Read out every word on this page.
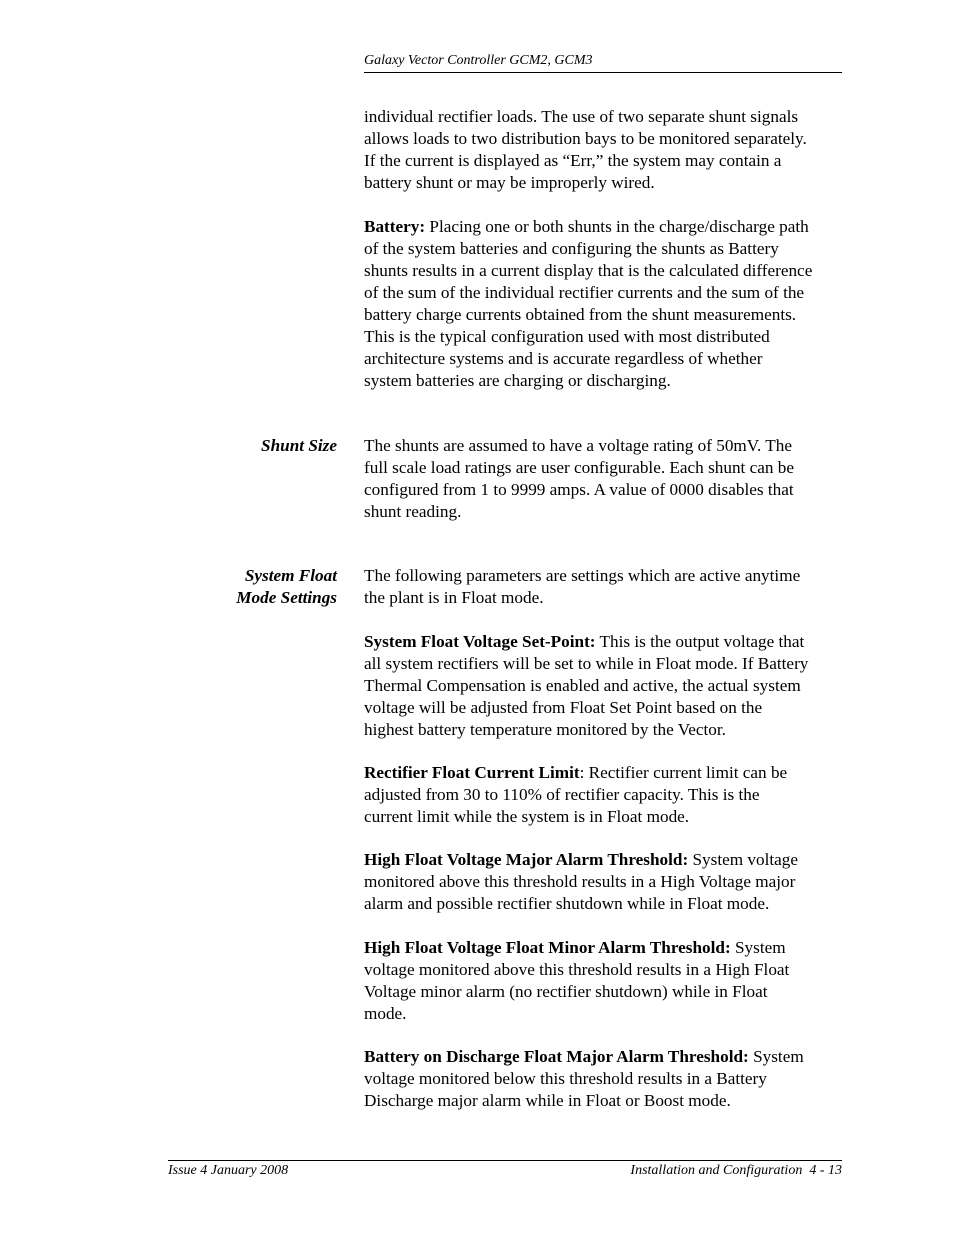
Galaxy Vector Controller GCM2, GCM3

individual rectifier loads. The use of two separate shunt signals
allows loads to two distribution bays to be monitored separately.
If the current is displayed as “Err,” the system may contain a
battery shunt or may be improperly wired.

Battery: Placing one or both shunts in the charge/discharge path
of the system batteries and configuring the shunts as Battery
shunts results in a current display that is the calculated difference
of the sum of the individual rectifier currents and the sum of the
battery charge currents obtained from the shunt measurements.
This is the typical configuration used with most distributed
architecture systems and is accurate regardless of whether
system batteries are charging or discharging.

Shunt Size The shunts are assumed to have a voltage rating of 50mV. The
full scale load ratings are user configurable. Each shunt can be
configured from 1 to 9999 amps. A value of 0000 disables that
shunt reading.

System Float
Mode Settings

The following parameters are settings which are active anytime
the plant is in Float mode.

System Float Voltage Set-Point: This is the output voltage that
all system rectifiers will be set to while in Float mode. If Battery
Thermal Compensation is enabled and active, the actual system
voltage will be adjusted from Float Set Point based on the
highest battery temperature monitored by the Vector.

Rectifier Float Current Limit: Rectifier current limit can be
adjusted from 30 to 110% of rectifier capacity. This is the
current limit while the system is in Float mode.

High Float Voltage Major Alarm Threshold: System voltage
monitored above this threshold results in a High Voltage major
alarm and possible rectifier shutdown while in Float mode.

High Float Voltage Float Minor Alarm Threshold: System
voltage monitored above this threshold results in a High Float
Voltage minor alarm (no rectifier shutdown) while in Float
mode.

Battery on Discharge Float Major Alarm Threshold: System
voltage monitored below this threshold results in a Battery
Discharge major alarm while in Float or Boost mode.

Issue 4 January 2008	Installation and Configuration  4 - 13
